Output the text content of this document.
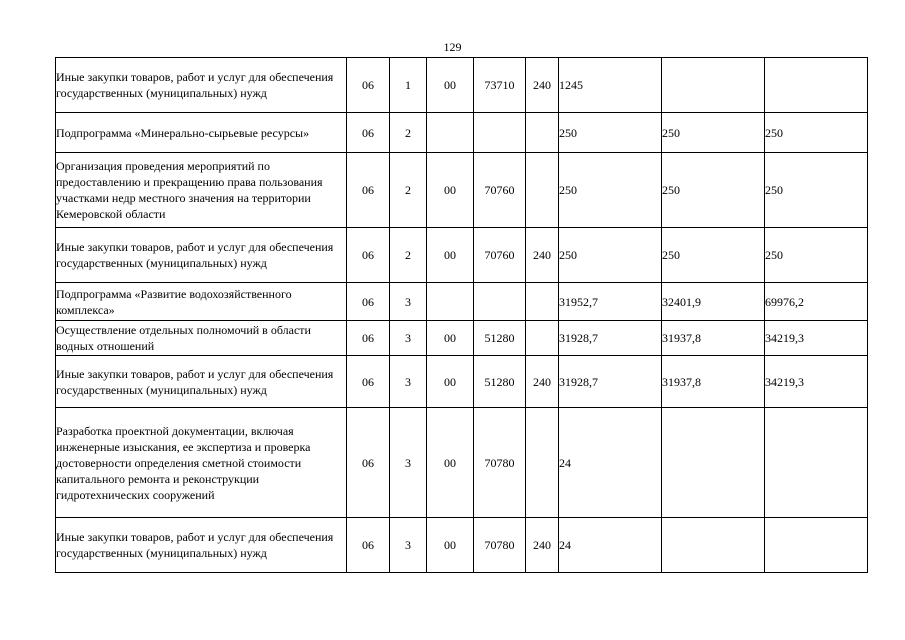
129
Иные закупки товаров, работ и услуг для обеспечения государственных (муниципальных) нужд	06	1	00	73710	240	1245		
Подпрограмма «Минерально-сырьевые ресурсы»	06	2				250	250	250
Организация проведения мероприятий по предоставлению и прекращению права пользования участками недр местного значения на территории Кемеровской области	06	2	00	70760		250	250	250
Иные закупки товаров, работ и услуг для обеспечения государственных (муниципальных) нужд	06	2	00	70760	240	250	250	250
Подпрограмма «Развитие водохозяйственного комплекса»	06	3				31952,7	32401,9	69976,2
Осуществление отдельных полномочий в области водных отношений	06	3	00	51280		31928,7	31937,8	34219,3
Иные закупки товаров, работ и услуг для обеспечения государственных (муниципальных) нужд	06	3	00	51280	240	31928,7	31937,8	34219,3
Разработка проектной документации, включая инженерные изыскания, ее экспертиза и проверка достоверности определения сметной стоимости капитального ремонта и реконструкции гидротехнических сооружений	06	3	00	70780		24		
Иные закупки товаров, работ и услуг для обеспечения государственных (муниципальных) нужд	06	3	00	70780	240	24		
